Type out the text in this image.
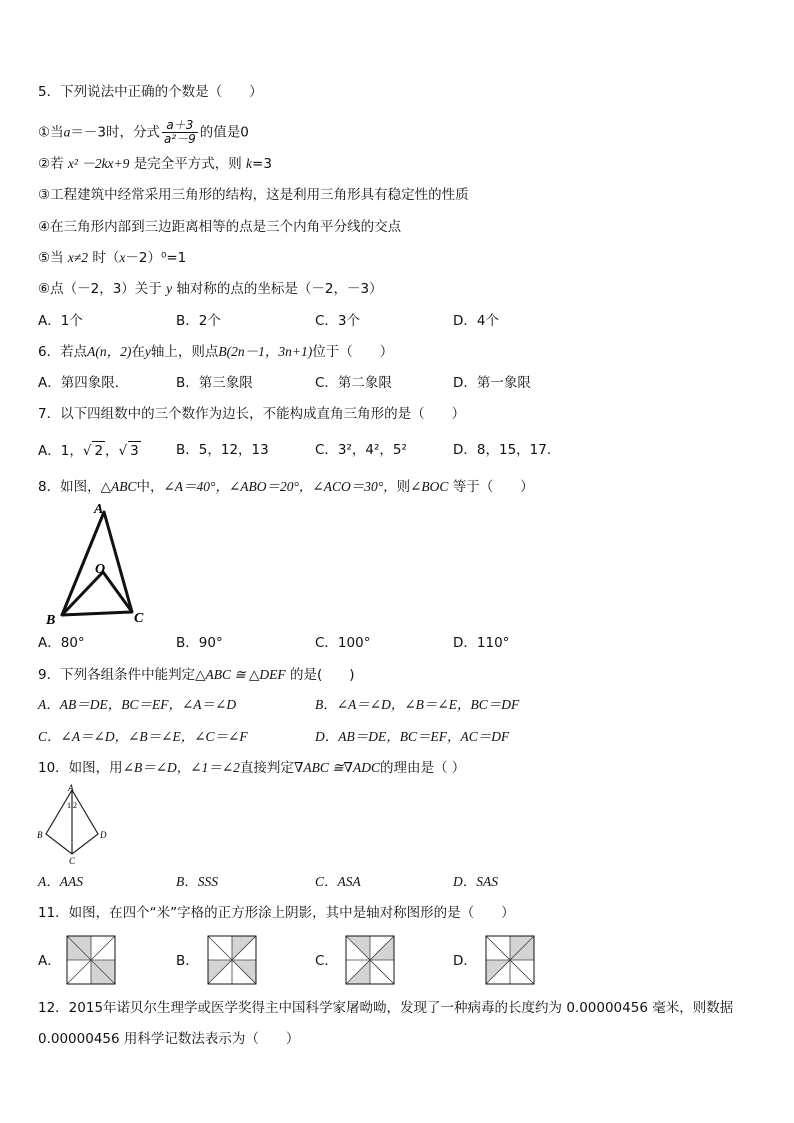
5．下列说法中正确的个数是（　　）
①当a＝－3时，分式 $\frac{a+3}{\text{a²－9}}$ 的值是0
②若 x² －2kx+9 是完全平方式，则 k=3
③工程建筑中经常采用三角形的结构，这是利用三角形具有稳定性的性质
④在三角形内部到三边距离相等的点是三个内角平分线的交点
⑤当 x≠2 时（x－2）⁰=1
⑥点（－2，3）关于 y 轴对称的点的坐标是（－2，－3）
A．1个	B．2个	C．3个	D．4个
6．若点A(n，2)在y轴上，则点B(2n－1，3n+1)位于（　　）
A．第四象限．	B．第三象限	C．第二象限	D．第一象限
7．以下四组数中的三个数作为边长，不能构成直角三角形的是（　　）
A．1，√ 2 ，√ 3	B．5，12，13	C．3²，4²，5²	D．8，15，17.
8．如图，△ABC中，∠A＝40°，∠ABO＝20°，∠ACO＝30°，则∠BOC 等于（　　）
A
O
B	C
A．80°	B．90°	C．100°	D．110°
9．下列各组条件中能判定△ABC ≅ △DEF 的是(　　)
A．AB＝DE，BC＝EF，∠A＝∠D	B．∠A＝∠D，∠B＝∠E，BC＝DF
C．∠A＝∠D，∠B＝∠E，∠C＝∠F	D．AB＝DE，BC＝EF，AC＝DF
10．如图，用∠B＝∠D，∠1＝∠2直接判定∇ABC ≅∇ADC的理由是（ ）
A
1 2
B	D
C
A．AAS	B．SSS	C．ASA	D．SAS
11．如图，在四个“米”字格的正方形涂上阴影，其中是轴对称图形的是（　　）
A．	B．	C．	D．
12．2015年诺贝尔生理学或医学奖得主中国科学家屠呦呦，发现了一种病毒的长度约为 0.00000456 毫米，则数据
0.00000456 用科学记数法表示为（　　）
